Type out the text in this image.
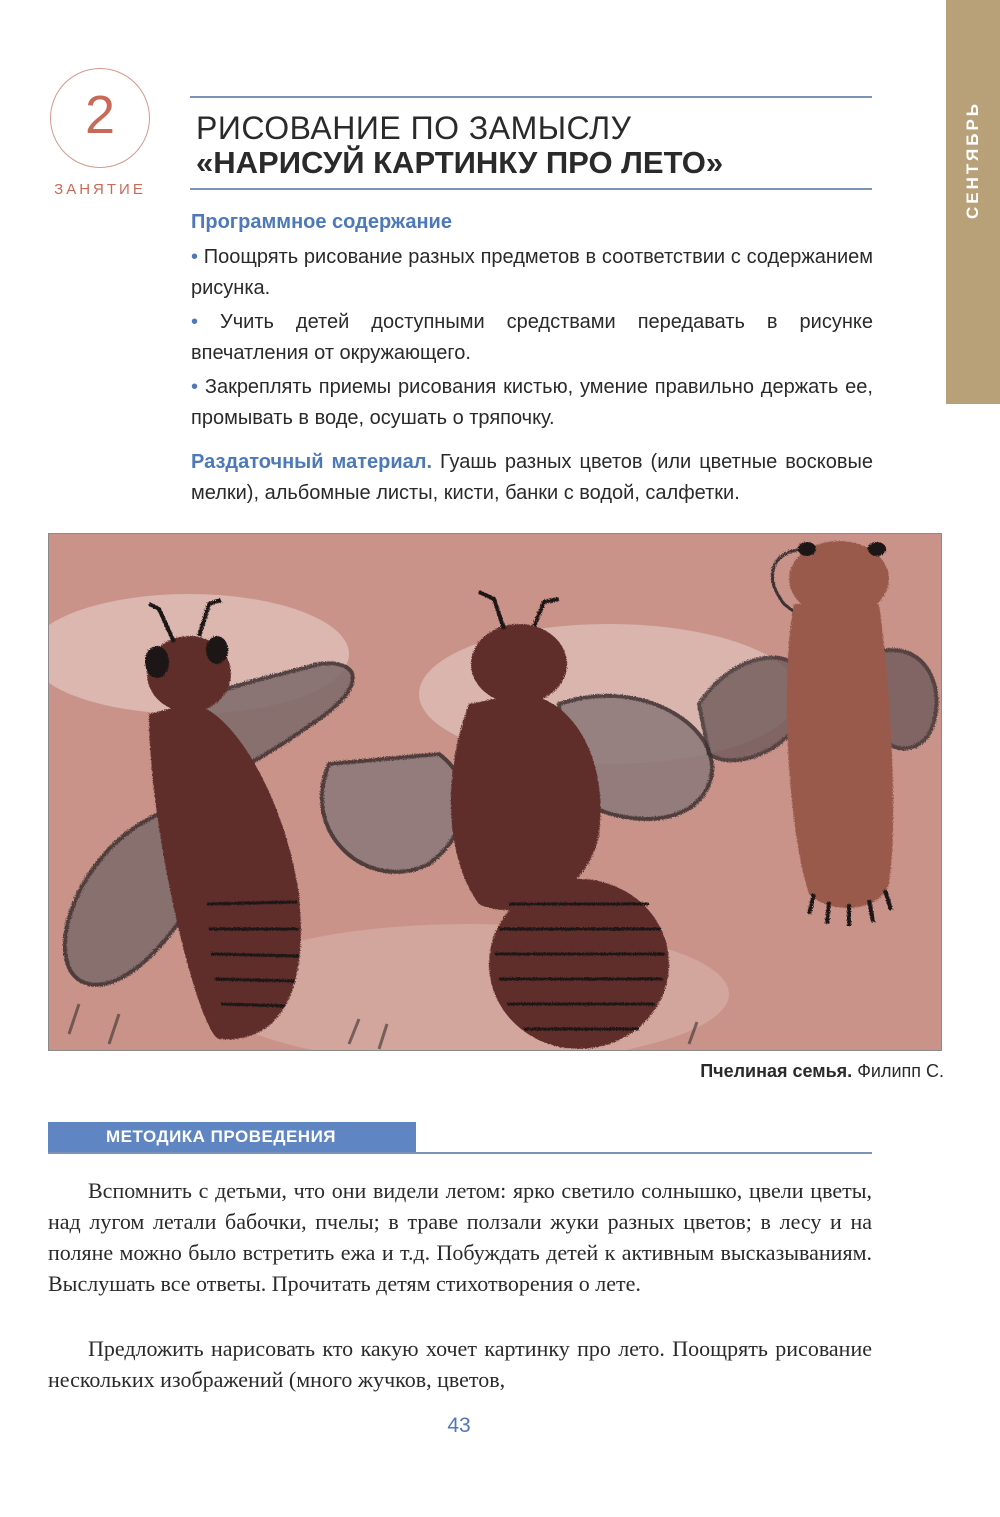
СЕНТЯБРЬ
2
ЗАНЯТИЕ
РИСОВАНИЕ ПО ЗАМЫСЛУ
«НАРИСУЙ КАРТИНКУ ПРО ЛЕТО»
Программное содержание
• Поощрять рисование разных предметов в соответствии с содержанием рисунка.
• Учить детей доступными средствами передавать в рисунке впечатления от окружающего.
• Закреплять приемы рисования кистью, умение правильно держать ее, промывать в воде, осушать о тряпочку.
Раздаточный материал. Гуашь разных цветов (или цветные восковые мелки), альбомные листы, кисти, банки с водой, салфетки.
Пчелиная семья. Филипп С.
МЕТОДИКА ПРОВЕДЕНИЯ
Вспомнить с детьми, что они видели летом: ярко светило солнышко, цвели цветы, над лугом летали бабочки, пчелы; в траве ползали жуки разных цветов; в лесу и на поляне можно было встретить ежа и т.д. Побуждать детей к активным высказываниям. Выслушать все ответы. Прочитать детям стихотворения о лете.
Предложить нарисовать кто какую хочет картинку про лето. Поощрять рисование нескольких изображений (много жучков, цветов,
43
